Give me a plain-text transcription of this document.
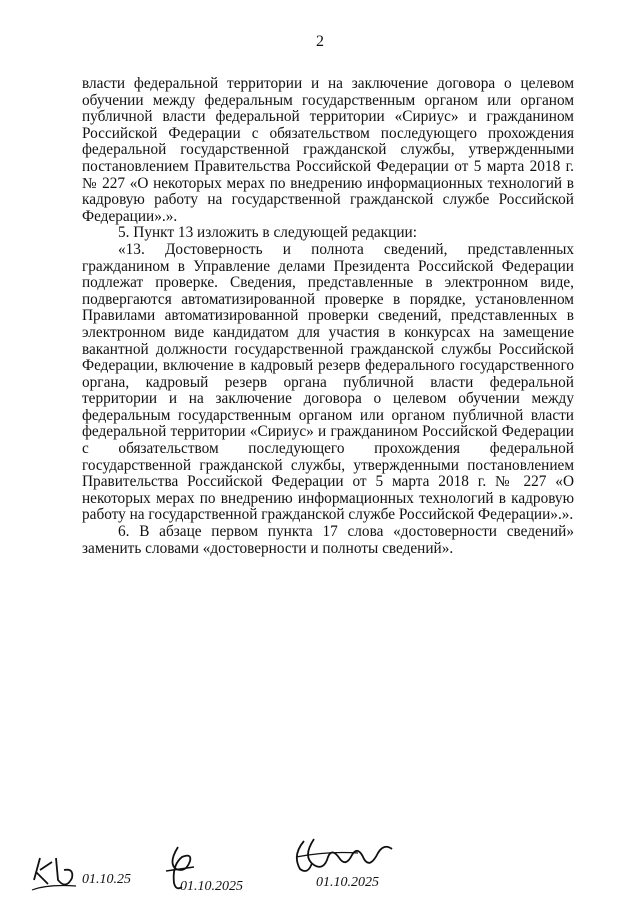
2

власти федеральной территории и на заключение договора о целевом обучении между федеральным государственным органом или органом публичной власти федеральной территории «Сириус» и гражданином Российской Федерации с обязательством последующего прохождения федеральной государственной гражданской службы, утвержденными постановлением Правительства Российской Федерации от 5 марта 2018 г. № 227 «О некоторых мерах по внедрению информационных технологий в кадровую работу на государственной гражданской службе Российской Федерации».».

5. Пункт 13 изложить в следующей редакции:

«13. Достоверность и полнота сведений, представленных гражданином в Управление делами Президента Российской Федерации подлежат проверке. Сведения, представленные в электронном виде, подвергаются автоматизированной проверке в порядке, установленном Правилами автоматизированной проверки сведений, представленных в электронном виде кандидатом для участия в конкурсах на замещение вакантной должности государственной гражданской службы Российской Федерации, включение в кадровый резерв федерального государственного органа, кадровый резерв органа публичной власти федеральной территории и на заключение договора о целевом обучении между федеральным государственным органом или органом публичной власти федеральной территории «Сириус» и гражданином Российской Федерации с обязательством последующего прохождения федеральной государственной гражданской службы, утвержденными постановлением Правительства Российской Федерации от 5 марта 2018 г. № 227 «О некоторых мерах по внедрению информационных технологий в кадровую работу на государственной гражданской службе Российской Федерации».».

6. В абзаце первом пункта 17 слова «достоверности сведений» заменить словами «достоверности и полноты сведений».

01.10.25	01.10.2025	01.10.2025
